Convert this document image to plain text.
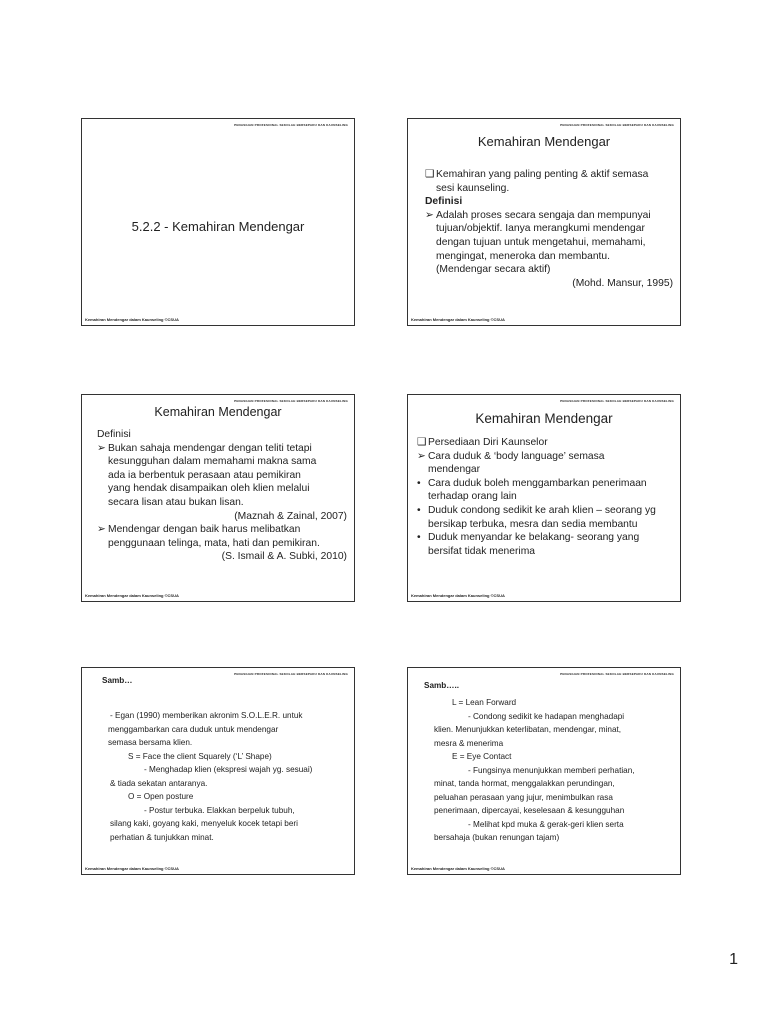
PENASIHAN PROFESIONAL SEKOLAH BERSEPADU DAN KAUNSELING
5.2.2 - Kemahiran Mendengar
Kemahiran Mendengar dalam Kaunseling ©CSUA
PENASIHAN PROFESIONAL SEKOLAH BERSEPADU DAN KAUNSELING
Kemahiran Mendengar
❑ Kemahiran yang paling penting & aktif semasa
sesi kaunseling.
Definisi
➢ Adalah proses secara sengaja dan mempunyai
tujuan/objektif. Ianya merangkumi mendengar
dengan tujuan untuk mengetahui, memahami,
mengingat, meneroka dan membantu.
(Mendengar secara aktif)
(Mohd. Mansur, 1995)
Kemahiran Mendengar dalam Kaunseling ©CSUA
PENASIHAN PROFESIONAL SEKOLAH BERSEPADU DAN KAUNSELING
Kemahiran Mendengar
Definisi
➢ Bukan sahaja mendengar dengan teliti tetapi
kesungguhan dalam memahami makna sama
ada ia berbentuk perasaan atau pemikiran
yang hendak disampaikan oleh klien melalui
secara lisan atau bukan lisan.
(Maznah & Zainal, 2007)
➢ Mendengar dengan baik harus melibatkan
penggunaan telinga, mata, hati dan pemikiran.
(S. Ismail & A. Subki, 2010)
Kemahiran Mendengar dalam Kaunseling ©CSUA
PENASIHAN PROFESIONAL SEKOLAH BERSEPADU DAN KAUNSELING
Kemahiran Mendengar
❑ Persediaan Diri Kaunselor
➢ Cara duduk & ‘body language’ semasa
mendengar
• Cara duduk boleh menggambarkan penerimaan
terhadap orang lain
• Duduk condong sedikit ke arah klien – seorang yg
bersikap terbuka, mesra dan sedia membantu
• Duduk menyandar ke belakang- seorang yang
bersifat tidak menerima
Kemahiran Mendengar dalam Kaunseling ©CSUA
PENASIHAN PROFESIONAL SEKOLAH BERSEPADU DAN KAUNSELING
Samb…
- Egan (1990) memberikan akronim S.O.L.E.R. untuk
menggambarkan cara duduk untuk mendengar
semasa bersama klien.
S = Face the client Squarely (‘L’ Shape)
- Menghadap klien (ekspresi wajah yg. sesuai)
& tiada sekatan antaranya.
O = Open posture
- Postur terbuka. Elakkan berpeluk tubuh,
silang kaki, goyang kaki, menyeluk kocek tetapi beri
perhatian & tunjukkan minat.
Kemahiran Mendengar dalam Kaunseling ©CSUA
PENASIHAN PROFESIONAL SEKOLAH BERSEPADU DAN KAUNSELING
Samb…..
L = Lean Forward
- Condong sedikit ke hadapan menghadapi
klien. Menunjukkan keterlibatan, mendengar, minat,
mesra & menerima
E = Eye Contact
- Fungsinya menunjukkan memberi perhatian,
minat, tanda hormat, menggalakkan perundingan,
peluahan perasaan yang jujur, menimbulkan rasa
penerimaan, dipercayai, keselesaan & kesungguhan
- Melihat kpd muka & gerak-geri klien serta
bersahaja (bukan renungan tajam)
Kemahiran Mendengar dalam Kaunseling ©CSUA
1
